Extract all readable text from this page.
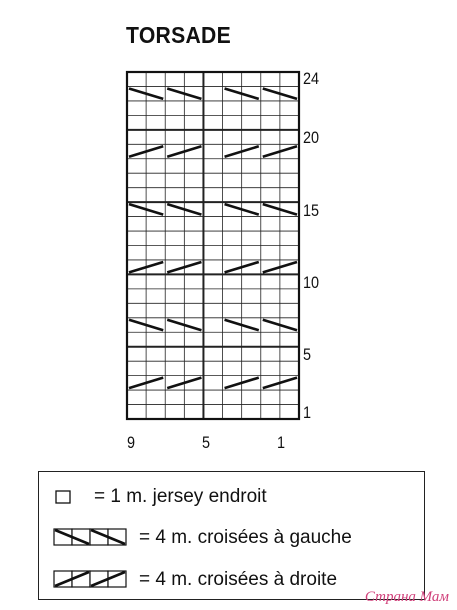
TORSADE
24
20
15
10
5
1
9	5	1
= 1 m. jersey endroit
= 4 m. croisées à gauche
= 4 m. croisées à droite
Страна Мам
